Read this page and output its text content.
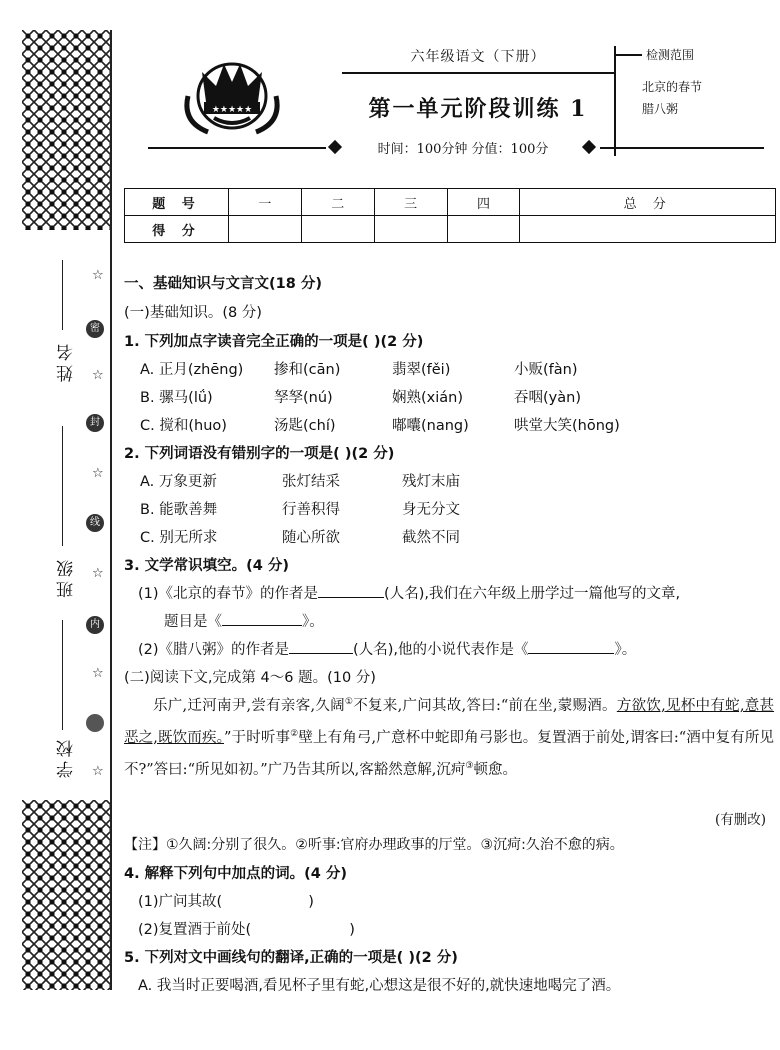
☆
密
☆
封
☆
线
☆
内
☆
☆
姓名
班级
学校
★★★★★
六年级语文（下册）
第一单元阶段训练 1
检测范围
北京的春节
腊八粥
时间：100分钟 分值：100分
题 号	一	二	三	四	总 分
得 分					
一、基础知识与文言文(18 分)
(一)基础知识。(8 分)
1. 下列加点字读音完全正确的一项是( )(2 分)
A. 正月(zhēng) 掺和(cān)	翡翠(fěi)	小贩(fàn)
B. 骡马(lǘ)	孥孥(nú)	娴熟(xián)	吞咽(yàn)
C. 搅和(huo)	汤匙(chí)	嘟囔(nang)	哄堂大笑(hōng)
2. 下列词语没有错别字的一项是( )(2 分)
A. 万象更新	张灯结采	残灯末庙
B. 能歌善舞	行善积得	身无分文
C. 别无所求	随心所欲	截然不同
3. 文学常识填空。(4 分)
(1)《北京的春节》的作者是	(人名),我们在六年级上册学过一篇他写的文章,
题目是《	》。
(2)《腊八粥》的作者是	(人名),他的小说代表作是《	》。
(二)阅读下文,完成第 4～6 题。(10 分)
乐广,迁河南尹,尝有亲客,久阔①不复来,广问其故,答曰:“前在坐,蒙赐酒。方欲饮,见杯中有蛇,意甚恶之,既饮而疾。”于时听事②壁上有角弓,广意杯中蛇即角弓影也。复置酒于前处,谓客曰:“酒中复有所见不?”答曰:“所见如初。”广乃告其所以,客豁然意解,沉疴③顿愈。
(有删改)
【注】①久阔:分别了很久。②听事:官府办理政事的厅堂。③沉疴:久治不愈的病。
4. 解释下列句中加点的词。(4 分)
(1)广问其故(	)
(2)复置酒于前处(	)
5. 下列对文中画线句的翻译,正确的一项是( )(2 分)
A. 我当时正要喝酒,看见杯子里有蛇,心想这是很不好的,就快速地喝完了酒。
